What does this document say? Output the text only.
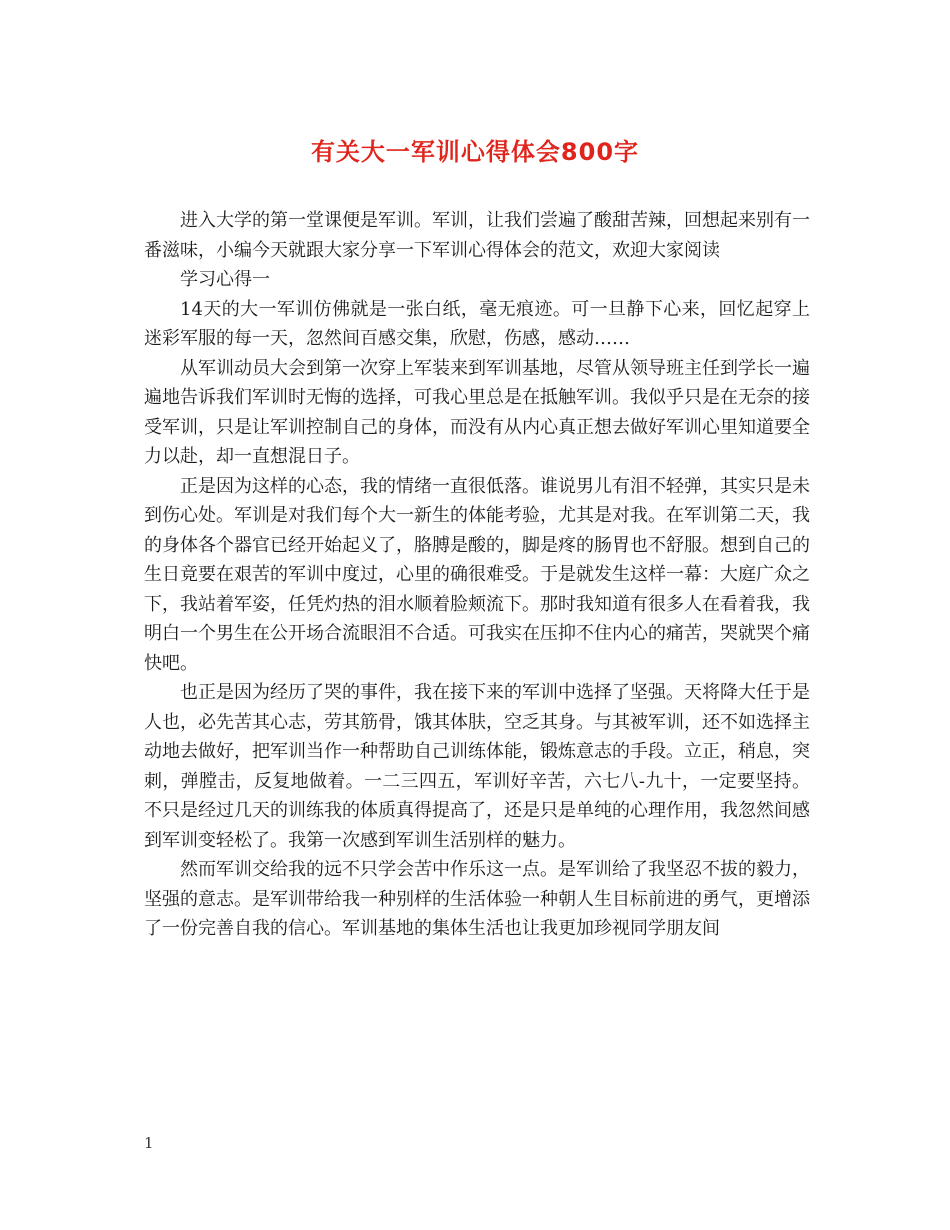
有关大一军训心得体会800字

进入大学的第一堂课便是军训。军训，让我们尝遍了酸甜苦辣，回想起来别有一番滋味，小编今天就跟大家分享一下军训心得体会的范文，欢迎大家阅读

学习心得一

14天的大一军训仿佛就是一张白纸，毫无痕迹。可一旦静下心来，回忆起穿上迷彩军服的每一天，忽然间百感交集，欣慰，伤感，感动……

从军训动员大会到第一次穿上军装来到军训基地，尽管从领导班主任到学长一遍遍地告诉我们军训时无悔的选择，可我心里总是在抵触军训。我似乎只是在无奈的接受军训，只是让军训控制自己的身体，而没有从内心真正想去做好军训心里知道要全力以赴，却一直想混日子。

正是因为这样的心态，我的情绪一直很低落。谁说男儿有泪不轻弹，其实只是未到伤心处。军训是对我们每个大一新生的体能考验，尤其是对我。在军训第二天，我的身体各个器官已经开始起义了，胳膊是酸的，脚是疼的肠胃也不舒服。想到自己的生日竟要在艰苦的军训中度过，心里的确很难受。于是就发生这样一幕：大庭广众之下，我站着军姿，任凭灼热的泪水顺着脸颊流下。那时我知道有很多人在看着我，我明白一个男生在公开场合流眼泪不合适。可我实在压抑不住内心的痛苦，哭就哭个痛快吧。

也正是因为经历了哭的事件，我在接下来的军训中选择了坚强。天将降大任于是人也，必先苦其心志，劳其筋骨，饿其体肤，空乏其身。与其被军训，还不如选择主动地去做好，把军训当作一种帮助自己训练体能，锻炼意志的手段。立正，稍息，突刺，弹膛击，反复地做着。一二三四五，军训好辛苦，六七八-九十，一定要坚持。不只是经过几天的训练我的体质真得提高了，还是只是单纯的心理作用，我忽然间感到军训变轻松了。我第一次感到军训生活别样的魅力。

然而军训交给我的远不只学会苦中作乐这一点。是军训给了我坚忍不拔的毅力，坚强的意志。是军训带给我一种别样的生活体验一种朝人生目标前进的勇气，更增添了一份完善自我的信心。军训基地的集体生活也让我更加珍视同学朋友间

1
